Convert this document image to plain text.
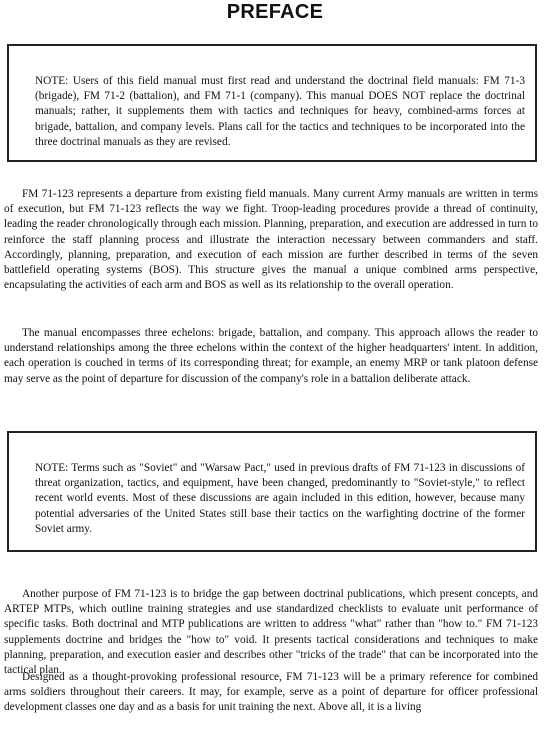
PREFACE
NOTE: Users of this field manual must first read and understand the doctrinal field manuals: FM 71-3 (brigade), FM 71-2 (battalion), and FM 71-1 (company). This manual DOES NOT replace the doctrinal manuals; rather, it supplements them with tactics and techniques for heavy, combined-arms forces at brigade, battalion, and company levels. Plans call for the tactics and techniques to be incorporated into the three doctrinal manuals as they are revised.

FM 71-123 represents a departure from existing field manuals. Many current Army manuals are written in terms of execution, but FM 71-123 reflects the way we fight. Troop-leading procedures provide a thread of continuity, leading the reader chronologically through each mission. Planning, preparation, and execution are addressed in turn to reinforce the staff planning process and illustrate the interaction necessary between commanders and staff. Accordingly, planning, preparation, and execution of each mission are further described in terms of the seven battlefield operating systems (BOS). This structure gives the manual a unique combined arms perspective, encapsulating the activities of each arm and BOS as well as its relationship to the overall operation.

The manual encompasses three echelons: brigade, battalion, and company. This approach allows the reader to understand relationships among the three echelons within the context of the higher headquarters' intent. In addition, each operation is couched in terms of its corresponding threat; for example, an enemy MRP or tank platoon defense may serve as the point of departure for discussion of the company's role in a battalion deliberate attack.

NOTE: Terms such as "Soviet" and "Warsaw Pact," used in previous drafts of FM 71-123 in discussions of threat organization, tactics, and equipment, have been changed, predominantly to "Soviet-style," to reflect recent world events. Most of these discussions are again included in this edition, however, because many potential adversaries of the United States still base their tactics on the warfighting doctrine of the former Soviet army.

Another purpose of FM 71-123 is to bridge the gap between doctrinal publications, which present concepts, and ARTEP MTPs, which outline training strategies and use standardized checklists to evaluate unit performance of specific tasks. Both doctrinal and MTP publications are written to address "what" rather than "how to." FM 71-123 supplements doctrine and bridges the "how to" void. It presents tactical considerations and techniques to make planning, preparation, and execution easier and describes other "tricks of the trade" that can be incorporated into the tactical plan.

Designed as a thought-provoking professional resource, FM 71-123 will be a primary reference for combined arms soldiers throughout their careers. It may, for example, serve as a point of departure for officer professional development classes one day and as a basis for unit training the next. Above all, it is a living
